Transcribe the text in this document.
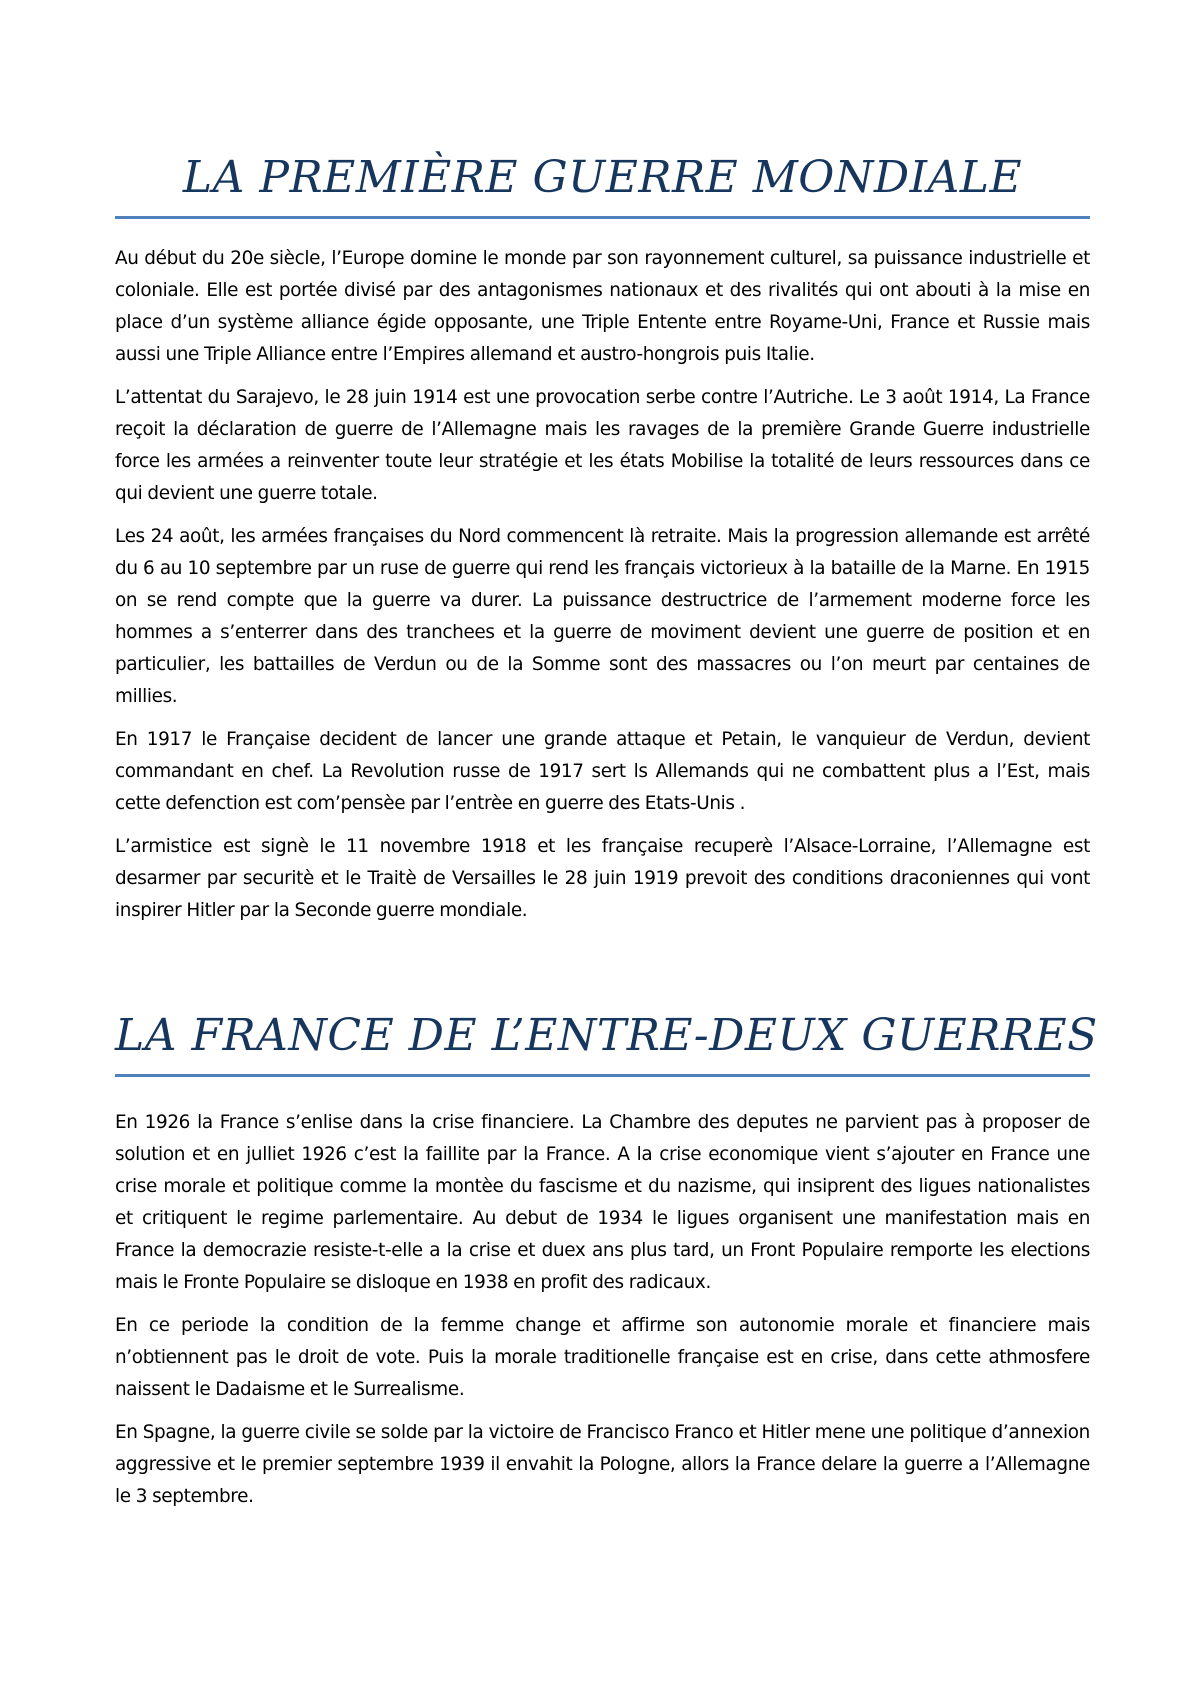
LA PREMIÈRE GUERRE MONDIALE

Au début du 20e siècle, l’Europe domine le monde par son rayonnement culturel, sa puissance industrielle et coloniale. Elle est portée divisé par des antagonismes nationaux et des rivalités qui ont abouti à la mise en place d’un système alliance égide opposante, une Triple Entente entre Royame-Uni, France et Russie mais aussi une Triple Alliance entre l’Empires allemand et austro-hongrois puis Italie.

L’attentat du Sarajevo, le 28 juin 1914 est une provocation serbe contre l’Autriche. Le 3 août 1914, La France reçoit la déclaration de guerre de l’Allemagne mais les ravages de la première Grande Guerre industrielle force les armées a reinventer toute leur stratégie et les états Mobilise la totalité de leurs ressources dans ce qui devient une guerre totale.

Les 24 août, les armées françaises du Nord commencent là retraite. Mais la progression allemande est arrêté du 6 au 10 septembre par un ruse de guerre qui rend les français victorieux à la bataille de la Marne. En 1915 on se rend compte que la guerre va durer. La puissance destructrice de l’armement moderne force les hommes a s’enterrer dans des tranchees et la guerre de moviment devient une guerre de position et en particulier, les battailles de Verdun ou de la Somme sont des massacres ou l’on meurt par centaines de millies.

En 1917 le Française decident de lancer une grande attaque et Petain, le vanquieur de Verdun, devient commandant en chef. La Revolution russe de 1917 sert ls Allemands qui ne combattent plus a l’Est, mais cette defenction est com’pensèe par l’entrèe en guerre des Etats-Unis .

L’armistice est signè le 11 novembre 1918 et les française recuperè l’Alsace-Lorraine, l’Allemagne est desarmer par securitè et le Traitè de Versailles le 28 juin 1919 prevoit des conditions draconiennes qui vont inspirer Hitler par la Seconde guerre mondiale.

LA FRANCE DE L’ENTRE-DEUX GUERRES

En 1926 la France s’enlise dans la crise financiere. La Chambre des deputes ne parvient pas à proposer de solution et en julliet 1926 c’est la faillite par la France. A la crise economique vient s’ajouter en France une crise morale et politique comme la montèe du fascisme et du nazisme, qui insiprent des ligues nationalistes et critiquent le regime parlementaire. Au debut de 1934 le ligues organisent une manifestation mais en France la democrazie resiste-t-elle a la crise et duex ans plus tard, un Front Populaire remporte les elections mais le Fronte Populaire se disloque en 1938 en profit des radicaux.

En ce periode la condition de la femme change et affirme son autonomie morale et financiere mais n’obtiennent pas le droit de vote. Puis la morale traditionelle française est en crise, dans cette athmosfere naissent le Dadaisme et le Surrealisme.

En Spagne, la guerre civile se solde par la victoire de Francisco Franco et Hitler mene une politique d’annexion aggressive et le premier septembre 1939 il envahit la Pologne, allors la France delare la guerre a l’Allemagne le 3 septembre.
